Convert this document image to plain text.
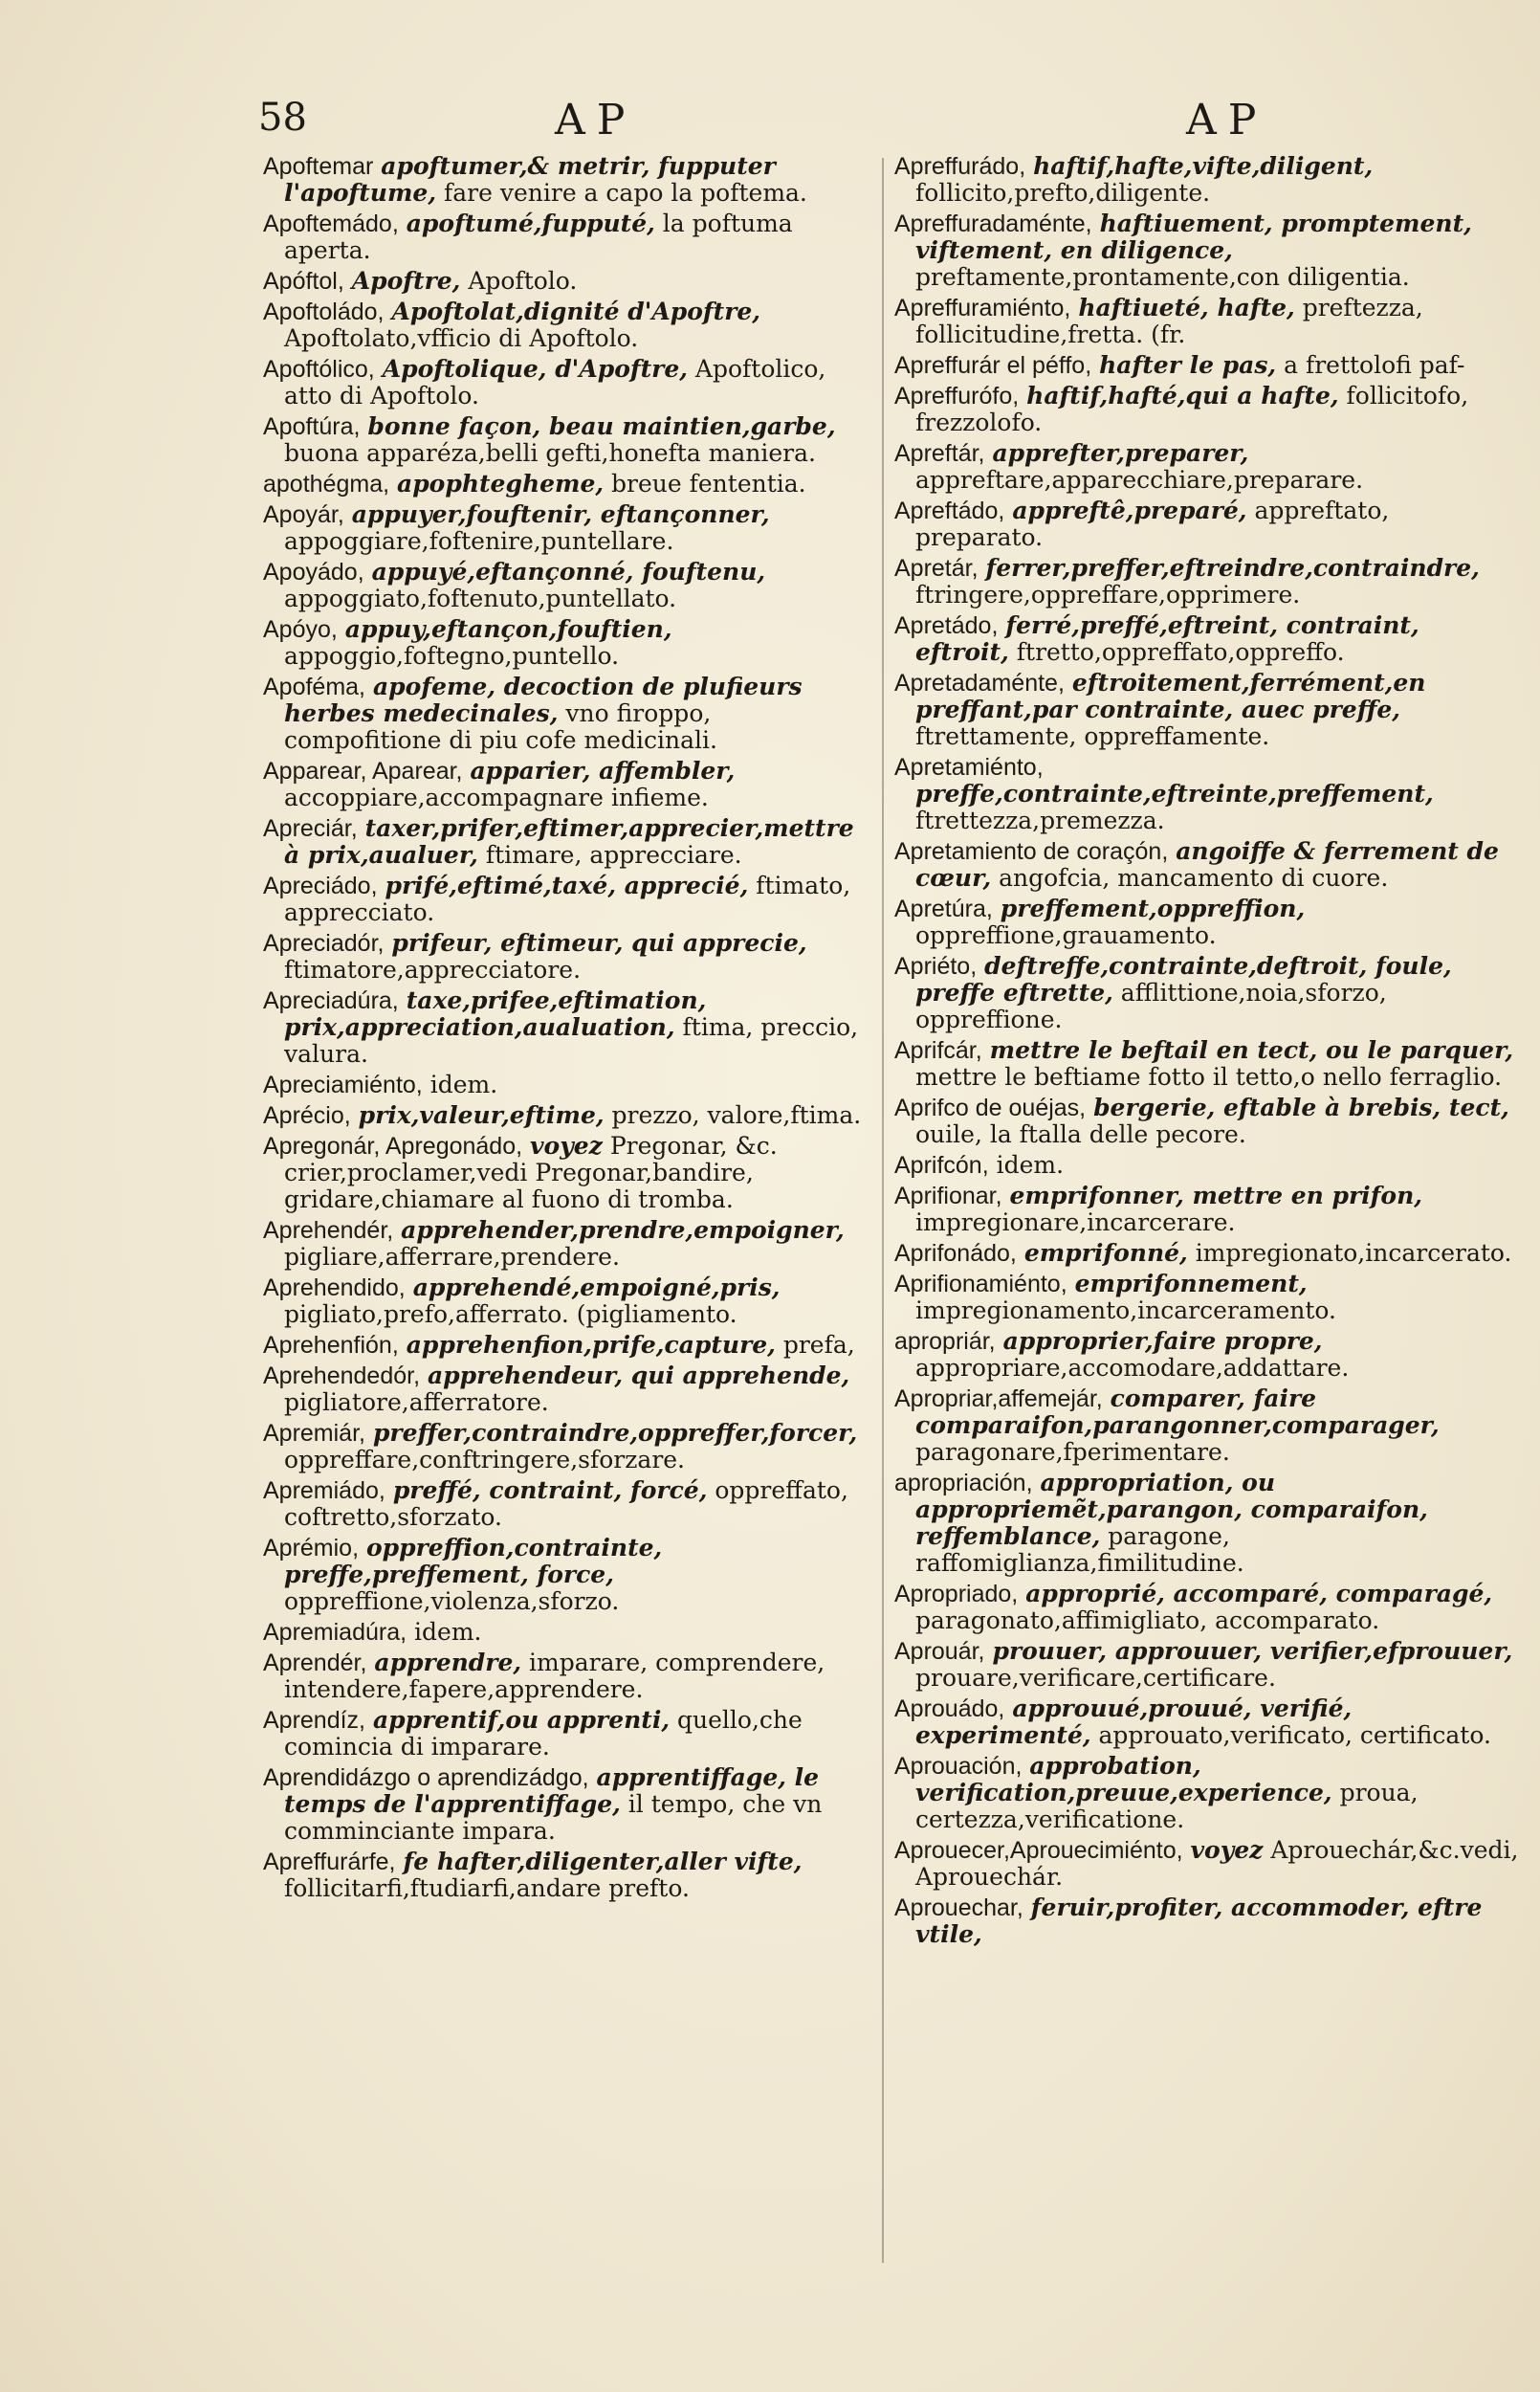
58	AP	AP

Apoftemar apoftumer,& metrir, fupputer l'apoftume, fare venire a capo la poftema.

Apoftemádo, apoftumé,fupputé, la poftuma aperta.

Apóftol, Apoftre, Apoftolo.

Apoftoládo, Apoftolat,dignité d'Apoftre, Apoftolato,vfficio di Apoftolo.

Apoftólico, Apoftolique, d'Apoftre, Apoftolico, atto di Apoftolo.

Apoftúra, bonne façon, beau maintien,garbe, buona apparéza,belli gefti,honefta maniera.

apothégma, apophtegheme, breue fententia.

Apoyár, appuyer,fouftenir, eftançonner, appoggiare,foftenire,puntellare.

Apoyádo, appuyé,eftançonné, fouftenu, appoggiato,foftenuto,puntellato.

Apóyo, appuy,eftançon,fouftien, appoggio,foftegno,puntello.

Apoféma, apofeme, decoction de plufieurs herbes medecinales, vno firoppo, compofitione di piu cofe medicinali.

Apparear, Aparear, apparier, affembler, accoppiare,accompagnare infieme.

Apreciár, taxer,prifer,eftimer,apprecier,mettre à prix,aualuer, ftimare, apprecciare.

Apreciádo, prifé,eftimé,taxé, apprecié, ftimato, apprecciato.

Apreciadór, prifeur, eftimeur, qui apprecie, ftimatore,apprecciatore.

Apreciadúra, taxe,prifee,eftimation, prix,appreciation,aualuation, ftima, preccio, valura.

Apreciamiénto, idem.

Aprécio, prix,valeur,eftime, prezzo, valore,ftima.

Apregonár, Apregonádo, voyez Pregonar, &c. crier,proclamer,vedi Pregonar,bandire, gridare,chiamare al fuono di tromba.

Aprehendér, apprehender,prendre,empoigner, pigliare,afferrare,prendere.

Aprehendido, apprehendé,empoigné,pris, pigliato,prefo,afferrato. (pigliamento.

Aprehenfión, apprehenfion,prife,capture, prefa,

Aprehendedór, apprehendeur, qui apprehende, pigliatore,afferratore.

Apremiár, preffer,contraindre,oppreffer,forcer, oppreffare,conftringere,sforzare.

Apremiádo, preffé, contraint, forcé, oppreffato, coftretto,sforzato.

Aprémio, oppreffion,contrainte, preffe,preffement, force, oppreffione,violenza,sforzo.

Apremiadúra, idem.

Aprendér, apprendre, imparare, comprendere, intendere,fapere,apprendere.

Aprendíz, apprentif,ou apprenti, quello,che comincia di imparare.

Aprendidázgo o aprendizádgo, apprentiffage, le temps de l'apprentiffage, il tempo, che vn comminciante impara.

Apreffurárfe, fe hafter,diligenter,aller vifte, follicitarfi,ftudiarfi,andare prefto.

Apreffurádo, haftif,hafte,vifte,diligent, follicito,prefto,diligente.

Apreffuradaménte, haftiuement, promptement, viftement, en diligence, preftamente,prontamente,con diligentia.

Apreffuramiénto, haftiueté, hafte, preftezza, follicitudine,fretta. (fr.

Apreffurár el péffo, hafter le pas, a frettolofi paf-

Apreffurófo, haftif,hafté,qui a hafte, follicitofo, frezzolofo.

Apreftár, apprefter,preparer, appreftare,apparecchiare,preparare.

Apreftádo, appreftê,preparé, appreftato, preparato.

Apretár, ferrer,preffer,eftreindre,contraindre, ftringere,oppreffare,opprimere.

Apretádo, ferré,preffé,eftreint, contraint, eftroit, ftretto,oppreffato,oppreffo.

Apretadaménte, eftroitement,ferrément,en preffant,par contrainte, auec preffe, ftrettamente, oppreffamente.

Apretamiénto, preffe,contrainte,eftreinte,preffement, ftrettezza,premezza.

Apretamiento de coraçón, angoiffe & ferrement de cœur, angofcia, mancamento di cuore.

Apretúra, preffement,oppreffion, oppreffione,grauamento.

Apriéto, deftreffe,contrainte,deftroit, foule, preffe eftrette, afflittione,noia,sforzo, oppreffione.

Aprifcár, mettre le beftail en tect, ou le parquer, mettre le beftiame fotto il tetto,o nello ferraglio.

Aprifco de ouéjas, bergerie, eftable à brebis, tect, ouile, la ftalla delle pecore.

Aprifcón, idem.

Aprifionar, emprifonner, mettre en prifon, impregionare,incarcerare.

Aprifonádo, emprifonné, impregionato,incarcerato.

Aprifionamiénto, emprifonnement, impregionamento,incarceramento.

apropriár, approprier,faire propre, appropriare,accomodare,addattare.

Apropriar,affemejár, comparer, faire comparaifon,parangonner,comparager, paragonare,fperimentare.

apropriación, appropriation, ou appropriemẽt,parangon, comparaifon, reffemblance, paragone, raffomiglianza,fimilitudine.

Apropriado, approprié, accomparé, comparagé, paragonato,affimigliato, accomparato.

Aprouár, prouuer, approuuer, verifier,efprouuer, prouare,verificare,certificare.

Aprouádo, approuué,prouué, verifié, experimenté, approuato,verificato, certificato.

Aprouación, approbation, verification,preuue,experience, proua, certezza,verificatione.

Aprouecer,Aprouecimiénto, voyez Aprouechár,&c.vedi, Aprouechár.

Aprouechar, feruir,profiter, accommoder, eftre vtile,
